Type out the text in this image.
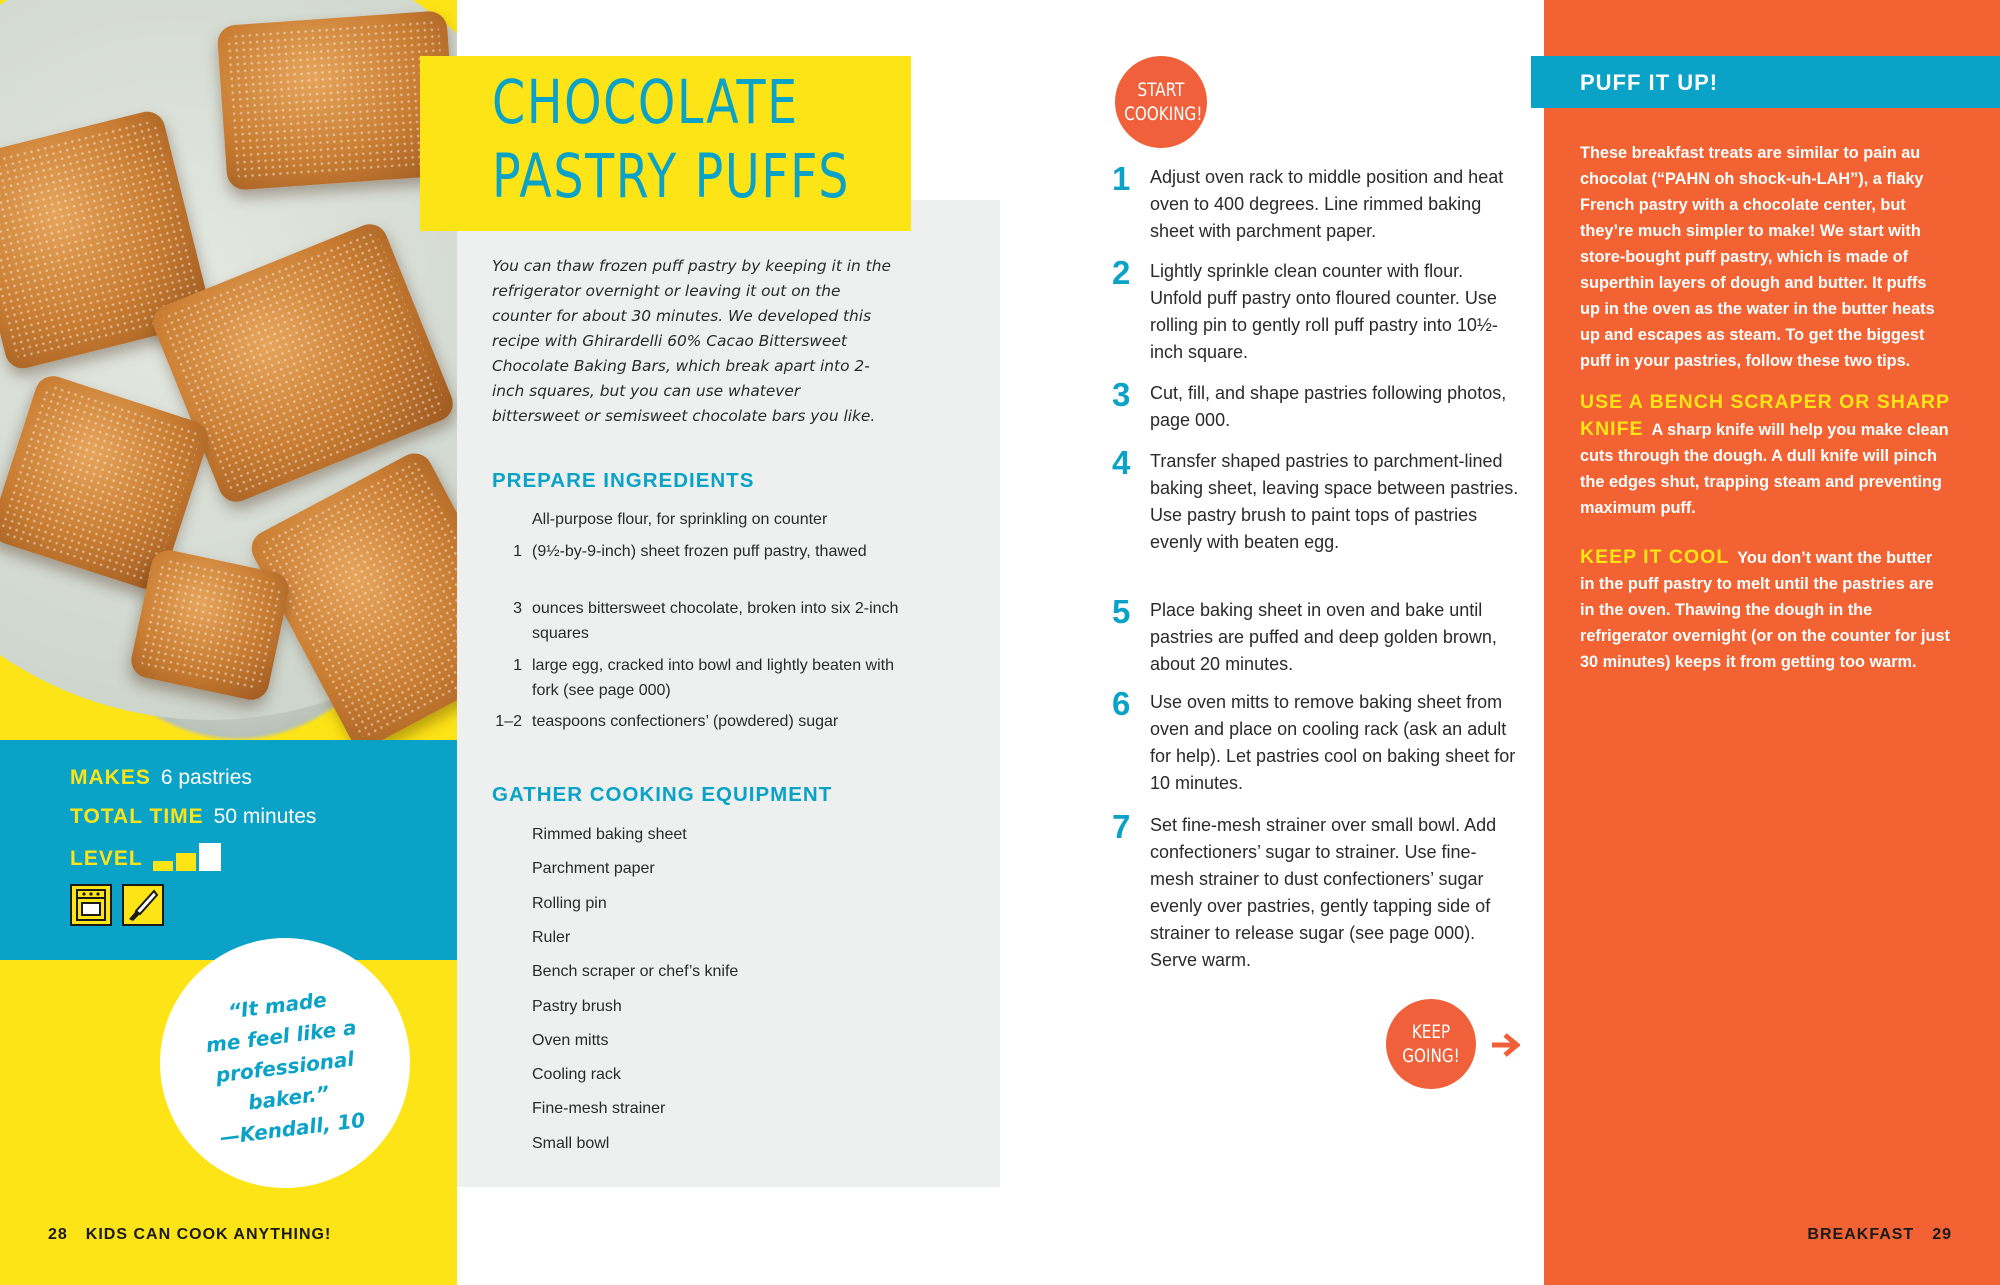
MAKES 6 pastries
TOTAL TIME 50 minutes
LEVEL
“It made
me feel like a
professional baker.”
—Kendall, 10
28 KIDS CAN COOK ANYTHING!
CHOCOLATE
PASTRY PUFFS
You can thaw frozen puff pastry by keeping it in the refrigerator overnight or leaving it out on the counter for about 30 minutes. We developed this recipe with Ghirardelli 60% Cacao Bittersweet Chocolate Baking Bars, which break apart into 2-inch squares, but you can use whatever bittersweet or semisweet chocolate bars you like.
PREPARE INGREDIENTS
All-purpose flour, for sprinkling on counter
1 (9½-by-9-inch) sheet frozen puff pastry, thawed
3 ounces bittersweet chocolate, broken into six 2-inch squares
1 large egg, cracked into bowl and lightly beaten with fork (see page 000)
1–2 teaspoons confectioners’ (powdered) sugar
GATHER COOKING EQUIPMENT
Rimmed baking sheet
Parchment paper
Rolling pin
Ruler
Bench scraper or chef’s knife
Pastry brush
Oven mitts
Cooling rack
Fine-mesh strainer
Small bowl
START
COOKING!
1 Adjust oven rack to middle position and heat oven to 400 degrees. Line rimmed baking sheet with parchment paper.
2 Lightly sprinkle clean counter with flour. Unfold puff pastry onto floured counter. Use rolling pin to gently roll puff pastry into 10½-inch square.
3 Cut, fill, and shape pastries following photos, page 000.
4 Transfer shaped pastries to parchment-lined baking sheet, leaving space between pastries. Use pastry brush to paint tops of pastries evenly with beaten egg.
5 Place baking sheet in oven and bake until pastries are puffed and deep golden brown, about 20 minutes.
6 Use oven mitts to remove baking sheet from oven and place on cooling rack (ask an adult for help). Let pastries cool on baking sheet for 10 minutes.
7 Set fine-mesh strainer over small bowl. Add confectioners’ sugar to strainer. Use fine-mesh strainer to dust confectioners’ sugar evenly over pastries, gently tapping side of strainer to release sugar (see page 000). Serve warm.
KEEP
GOING!
PUFF IT UP!
These breakfast treats are similar to pain au chocolat (“PAHN oh shock-uh-LAH”), a flaky French pastry with a chocolate center, but they’re much simpler to make! We start with store-bought puff pastry, which is made of superthin layers of dough and butter. It puffs up in the oven as the water in the butter heats up and escapes as steam. To get the biggest puff in your pastries, follow these two tips.
USE A BENCH SCRAPER OR SHARP KNIFE A sharp knife will help you make clean cuts through the dough. A dull knife will pinch the edges shut, trapping steam and preventing maximum puff.
KEEP IT COOL You don’t want the butter in the puff pastry to melt until the pastries are in the oven. Thawing the dough in the refrigerator overnight (or on the counter for just 30 minutes) keeps it from getting too warm.
BREAKFAST 29
